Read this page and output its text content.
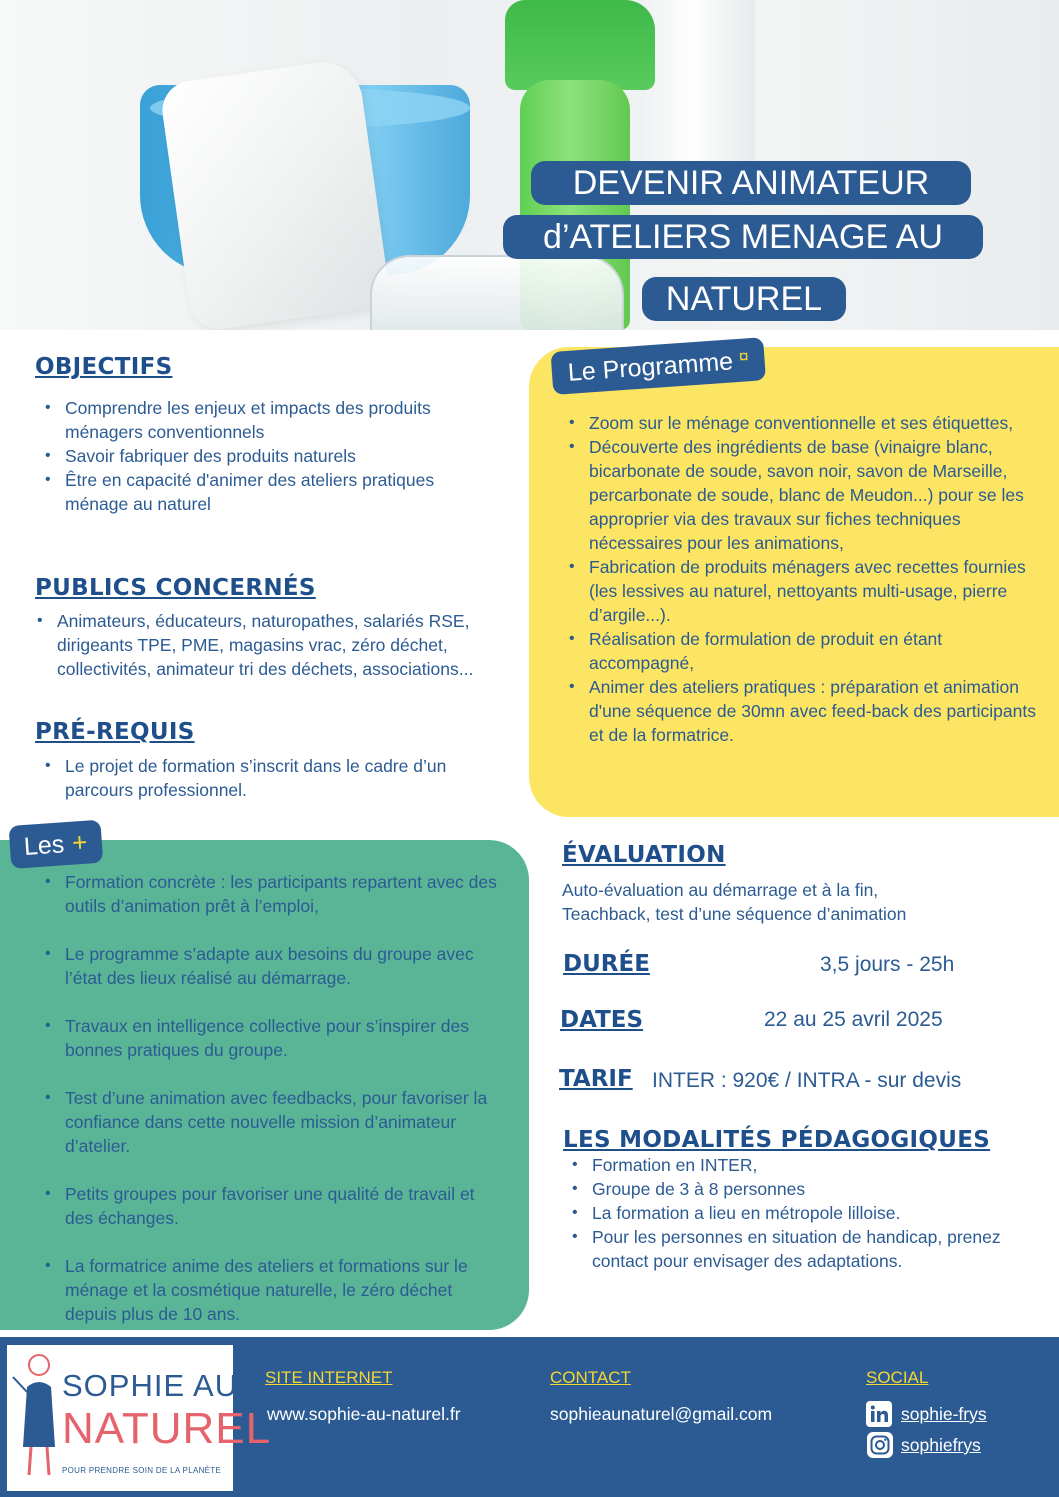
DEVENIR ANIMATEUR
d’ATELIERS MENAGE AU
NATUREL
OBJECTIFS
• Comprendre les enjeux et impacts des produits ménagers conventionnels
• Savoir fabriquer des produits naturels
• Être en capacité d'animer des ateliers pratiques ménage au naturel
PUBLICS CONCERNÉS
• Animateurs, éducateurs, naturopathes, salariés RSE, dirigeants TPE, PME, magasins vrac, zéro déchet, collectivités, animateur tri des déchets, associations...
PRÉ-REQUIS
• Le projet de formation s’inscrit dans le cadre d’un parcours professionnel.
Le Programme ¤
• Zoom sur le ménage conventionnelle et ses étiquettes,
• Découverte des ingrédients de base (vinaigre blanc, bicarbonate de soude, savon noir, savon de Marseille, percarbonate de soude, blanc de Meudon...) pour se les approprier via des travaux sur fiches techniques nécessaires pour les animations,
• Fabrication de produits ménagers avec recettes fournies (les lessives au naturel, nettoyants multi-usage, pierre d’argile...).
• Réalisation de formulation de produit en étant accompagné,
• Animer des ateliers pratiques : préparation et animation d'une séquence de 30mn avec feed-back des participants et de la formatrice.
Les +
• Formation concrète : les participants repartent avec des outils d’animation prêt à l’emploi,
• Le programme s’adapte aux besoins du groupe avec l’état des lieux réalisé au démarrage.
• Travaux en intelligence collective pour s’inspirer des bonnes pratiques du groupe.
• Test d’une animation avec feedbacks, pour favoriser la confiance dans cette nouvelle mission d’animateur d’atelier.
• Petits groupes pour favoriser une qualité de travail et des échanges.
• La formatrice anime des ateliers et formations sur le ménage et la cosmétique naturelle, le zéro déchet depuis plus de 10 ans.
ÉVALUATION
Auto-évaluation au démarrage et à la fin, Teachback, test d’une séquence d’animation
DURÉE	3,5 jours - 25h
DATES	22 au 25 avril 2025
TARIF INTER : 920€ / INTRA - sur devis
LES MODALITÉS PÉDAGOGIQUES
• Formation en INTER,
• Groupe de 3 à 8 personnes
• La formation a lieu en métropole lilloise.
• Pour les personnes en situation de handicap, prenez contact pour envisager des adaptations.
SOPHIE AU
NATUREL
POUR PRENDRE SOIN DE LA PLANÈTE
SITE INTERNET
www.sophie-au-naturel.fr
CONTACT
sophieaunaturel@gmail.com
SOCIAL
sophie-frys
sophiefrys
